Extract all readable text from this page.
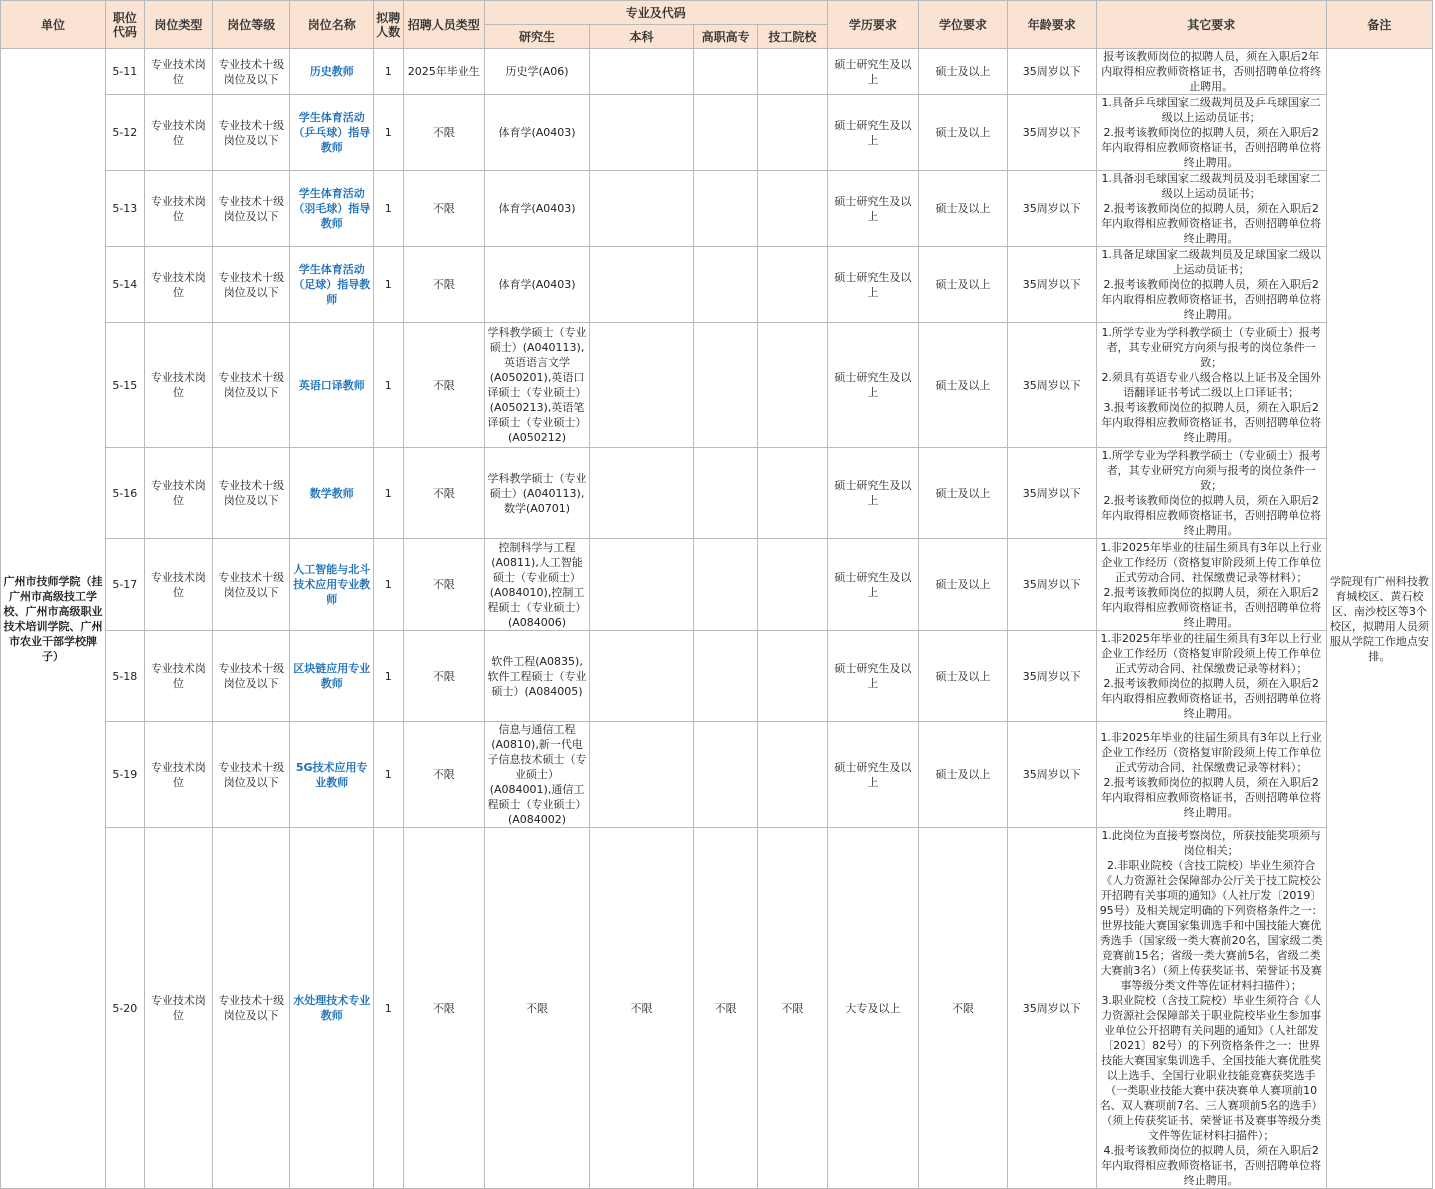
单位	职位代码	岗位类型	岗位等级	岗位名称	拟聘人数	招聘人员类型	专业及代码				学历要求	学位要求	年龄要求	其它要求	备注
							研究生	本科	高职高专	技工院校					
广州市技师学院（挂广州市高级技工学校、广州市高级职业技术培训学院、广州市农业干部学校牌子）	5-11	专业技术岗位	专业技术十级岗位及以下	历史教师	1	2025年毕业生	历史学(A06)				硕士研究生及以上	硕士及以上	35周岁以下	报考该教师岗位的拟聘人员，须在入职后2年内取得相应教师资格证书，否则招聘单位将终止聘用。	学院现有广州科技教育城校区、黄石校区、南沙校区等3个校区，拟聘用人员须服从学院工作地点安排。
	5-12	专业技术岗位	专业技术十级岗位及以下	学生体育活动（乒乓球）指导教师	1	不限	体育学(A0403)				硕士研究生及以上	硕士及以上	35周岁以下	1.具备乒乓球国家二级裁判员及乒乓球国家二级以上运动员证书；
2.报考该教师岗位的拟聘人员，须在入职后2年内取得相应教师资格证书，否则招聘单位将终止聘用。	
	5-13	专业技术岗位	专业技术十级岗位及以下	学生体育活动（羽毛球）指导教师	1	不限	体育学(A0403)				硕士研究生及以上	硕士及以上	35周岁以下	1.具备羽毛球国家二级裁判员及羽毛球国家二级以上运动员证书；
2.报考该教师岗位的拟聘人员，须在入职后2年内取得相应教师资格证书，否则招聘单位将终止聘用。	
	5-14	专业技术岗位	专业技术十级岗位及以下	学生体育活动（足球）指导教师	1	不限	体育学(A0403)				硕士研究生及以上	硕士及以上	35周岁以下	1.具备足球国家二级裁判员及足球国家二级以上运动员证书；
2.报考该教师岗位的拟聘人员，须在入职后2年内取得相应教师资格证书，否则招聘单位将终止聘用。	
	5-15	专业技术岗位	专业技术十级岗位及以下	英语口译教师	1	不限	学科教学硕士（专业硕士）(A040113),英语语言文学(A050201),英语口译硕士（专业硕士）(A050213),英语笔译硕士（专业硕士）(A050212)				硕士研究生及以上	硕士及以上	35周岁以下	1.所学专业为学科教学硕士（专业硕士）报考者，其专业研究方向须与报考的岗位条件一致；
2.须具有英语专业八级合格以上证书及全国外语翻译证书考试二级以上口译证书；
3.报考该教师岗位的拟聘人员，须在入职后2年内取得相应教师资格证书，否则招聘单位将终止聘用。	
	5-16	专业技术岗位	专业技术十级岗位及以下	数学教师	1	不限	学科教学硕士（专业硕士）(A040113),数学(A0701)				硕士研究生及以上	硕士及以上	35周岁以下	1.所学专业为学科教学硕士（专业硕士）报考者，其专业研究方向须与报考的岗位条件一致；
2.报考该教师岗位的拟聘人员，须在入职后2年内取得相应教师资格证书，否则招聘单位将终止聘用。	
	5-17	专业技术岗位	专业技术十级岗位及以下	人工智能与北斗技术应用专业教师	1	不限	控制科学与工程(A0811),人工智能硕士（专业硕士）(A084010),控制工程硕士（专业硕士）(A084006)				硕士研究生及以上	硕士及以上	35周岁以下	1.非2025年毕业的往届生须具有3年以上行业企业工作经历（资格复审阶段须上传工作单位正式劳动合同、社保缴费记录等材料）；
2.报考该教师岗位的拟聘人员，须在入职后2年内取得相应教师资格证书，否则招聘单位将终止聘用。	
	5-18	专业技术岗位	专业技术十级岗位及以下	区块链应用专业教师	1	不限	软件工程(A0835),软件工程硕士（专业硕士）(A084005)				硕士研究生及以上	硕士及以上	35周岁以下	1.非2025年毕业的往届生须具有3年以上行业企业工作经历（资格复审阶段须上传工作单位正式劳动合同、社保缴费记录等材料）；
2.报考该教师岗位的拟聘人员，须在入职后2年内取得相应教师资格证书，否则招聘单位将终止聘用。	
	5-19	专业技术岗位	专业技术十级岗位及以下	5G技术应用专业教师	1	不限	信息与通信工程(A0810),新一代电子信息技术硕士（专业硕士）(A084001),通信工程硕士（专业硕士）(A084002)				硕士研究生及以上	硕士及以上	35周岁以下	1.非2025年毕业的往届生须具有3年以上行业企业工作经历（资格复审阶段须上传工作单位正式劳动合同、社保缴费记录等材料）；
2.报考该教师岗位的拟聘人员，须在入职后2年内取得相应教师资格证书，否则招聘单位将终止聘用。	
	5-20	专业技术岗位	专业技术十级岗位及以下	水处理技术专业教师	1	不限	不限	不限	不限	不限	大专及以上	不限	35周岁以下	1.此岗位为直接考察岗位，所获技能奖项须与岗位相关；
2.非职业院校（含技工院校）毕业生须符合《人力资源社会保障部办公厅关于技工院校公开招聘有关事项的通知》（人社厅发〔2019〕95号）及相关规定明确的下列资格条件之一：世界技能大赛国家集训选手和中国技能大赛优秀选手（国家级一类大赛前20名，国家级二类竞赛前15名；省级一类大赛前5名，省级二类大赛前3名）（须上传获奖证书、荣誉证书及赛事等级分类文件等佐证材料扫描件）；
3.职业院校（含技工院校）毕业生须符合《人力资源社会保障部关于职业院校毕业生参加事业单位公开招聘有关问题的通知》（人社部发〔2021〕82号）的下列资格条件之一：世界技能大赛国家集训选手、全国技能大赛优胜奖以上选手、全国行业职业技能竞赛获奖选手（一类职业技能大赛中获决赛单人赛项前10名、双人赛项前7名、三人赛项前5名的选手）（须上传获奖证书、荣誉证书及赛事等级分类文件等佐证材料扫描件）；
4.报考该教师岗位的拟聘人员，须在入职后2年内取得相应教师资格证书，否则招聘单位将终止聘用。	
